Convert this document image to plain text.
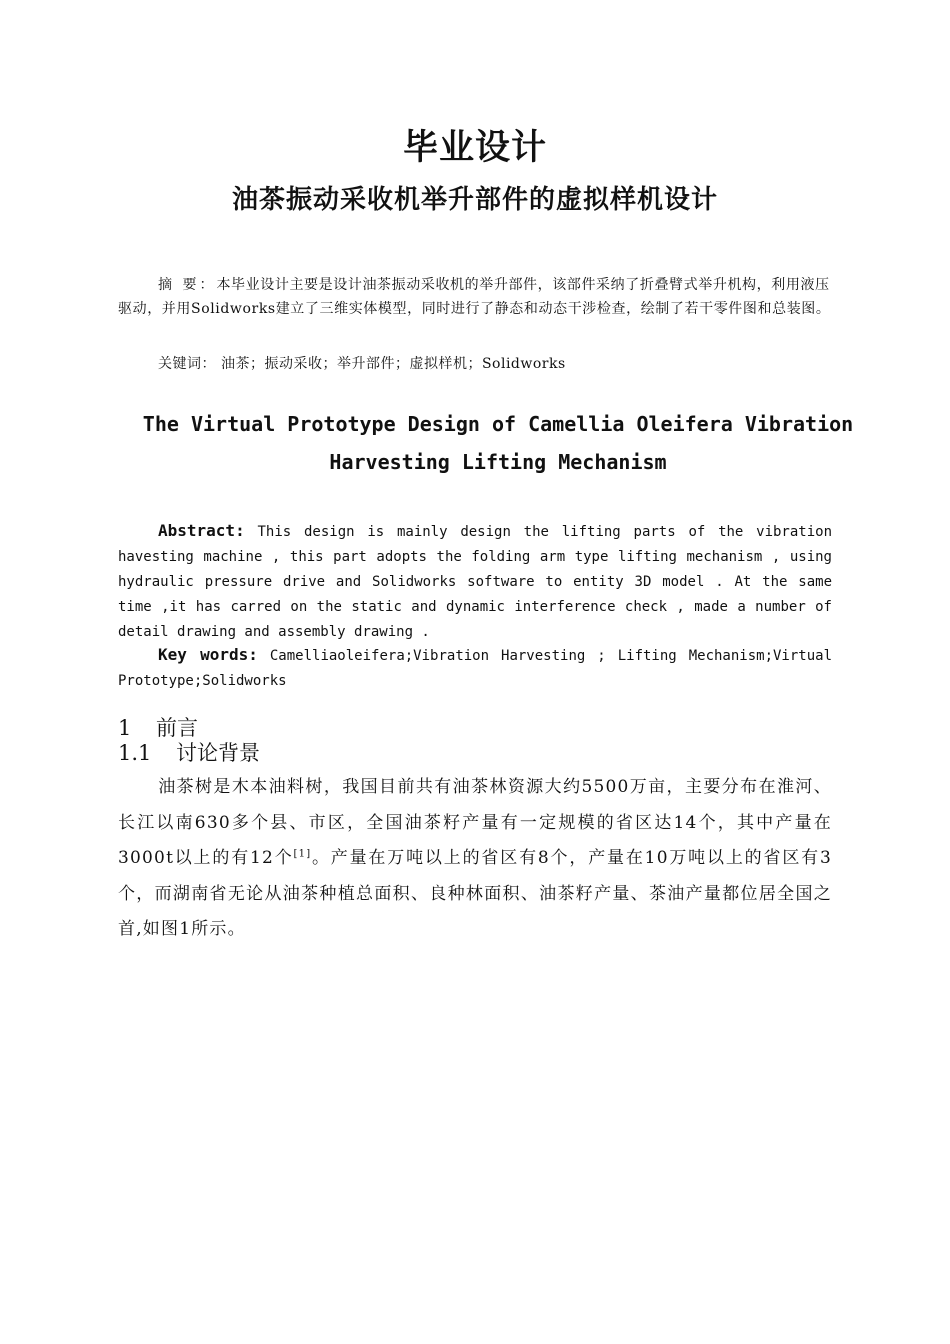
毕业设计
油茶振动采收机举升部件的虚拟样机设计
摘 要：本毕业设计主要是设计油茶振动采收机的举升部件，该部件采纳了折叠臂式举升机构，利用液压驱动，并用Solidworks建立了三维实体模型，同时进行了静态和动态干涉检查，绘制了若干零件图和总装图。
关键词： 油茶；振动采收；举升部件；虚拟样机；Solidworks
The Virtual Prototype Design of Camellia Oleifera Vibration Harvesting Lifting Mechanism
Abstract: This design is mainly design the lifting parts of the vibration havesting machine , this part adopts the folding arm type lifting mechanism , using hydraulic pressure drive and Solidworks software to entity 3D model . At the same time ,it has carred on the static and dynamic interference check , made a number of detail drawing and assembly drawing .
Key words: Camelliaoleifera;Vibration Harvesting ; Lifting Mechanism;Virtual Prototype;Solidworks
1 前言
1.1 讨论背景
油茶树是木本油料树，我国目前共有油茶林资源大约5500万亩，主要分布在淮河、长江以南630多个县、市区，全国油茶籽产量有一定规模的省区达14个，其中产量在3000t以上的有12个[1]。产量在万吨以上的省区有8个，产量在10万吨以上的省区有3个，而湖南省无论从油茶种植总面积、良种林面积、油茶籽产量、茶油产量都位居全国之首,如图1所示。
